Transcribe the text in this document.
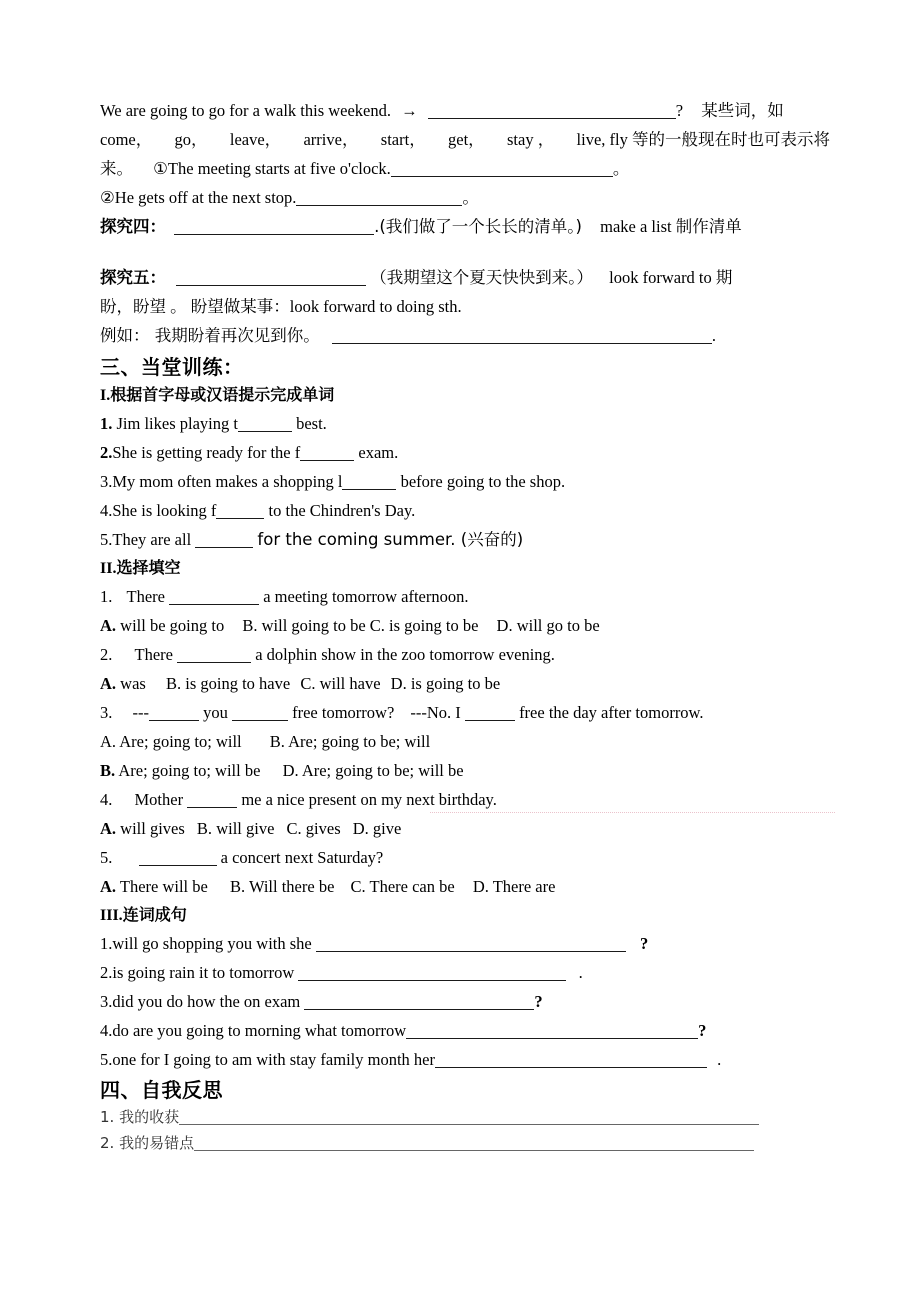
We are going to go for a walk this weekend. →	? 某些词，如
come， go， leave， arrive， start， get， stay ， live, fly 等的一般现在时也可表示将
来。 ①The meeting starts at five o'clock.	。
②He gets off at the next stop.	。
探究四：	.(我们做了一个长长的清单。) make a list 制作清单
探究五：	（我期望这个夏天快快到来。） look forward to 期
盼，盼望 。 盼望做某事：look forward to doing sth.
例如： 我期盼着再次见到你。	.
三、当堂训练：
I.根据首字母或汉语提示完成单词
1. Jim likes playing t	best.
2.She is getting ready for the f	exam.
3.My mom often makes a shopping l	before going to the shop.
4.She is looking f	to the Chindren's Day.
5.They are all	for the coming summer. (兴奋的)
II.选择填空
1. There	a meeting tomorrow afternoon.
A. will be going to B. will going to be C. is going to be D. will go to be
2. There	a dolphin show in the zoo tomorrow evening.
A. was B. is going to have C. will have D. is going to be
3. ---	you	free tomorrow? ---No. I	free the day after tomorrow.
A. Are; going to; will B. Are; going to be; will
B. Are; going to; will be D. Are; going to be; will be
4. Mother	me a nice present on my next birthday.
A. will gives B. will give C. gives D. give
5.	a concert next Saturday?
A. There will be B. Will there be C. There can be D. There are
III.连词成句
1.will go shopping you with she	?
2.is going rain it to tomorrow	.
3.did you do how the on exam	?
4.do are you going to morning what tomorrow	?
5.one for I going to am with stay family month her	.
四、自我反思
1. 我的收获
2. 我的易错点
